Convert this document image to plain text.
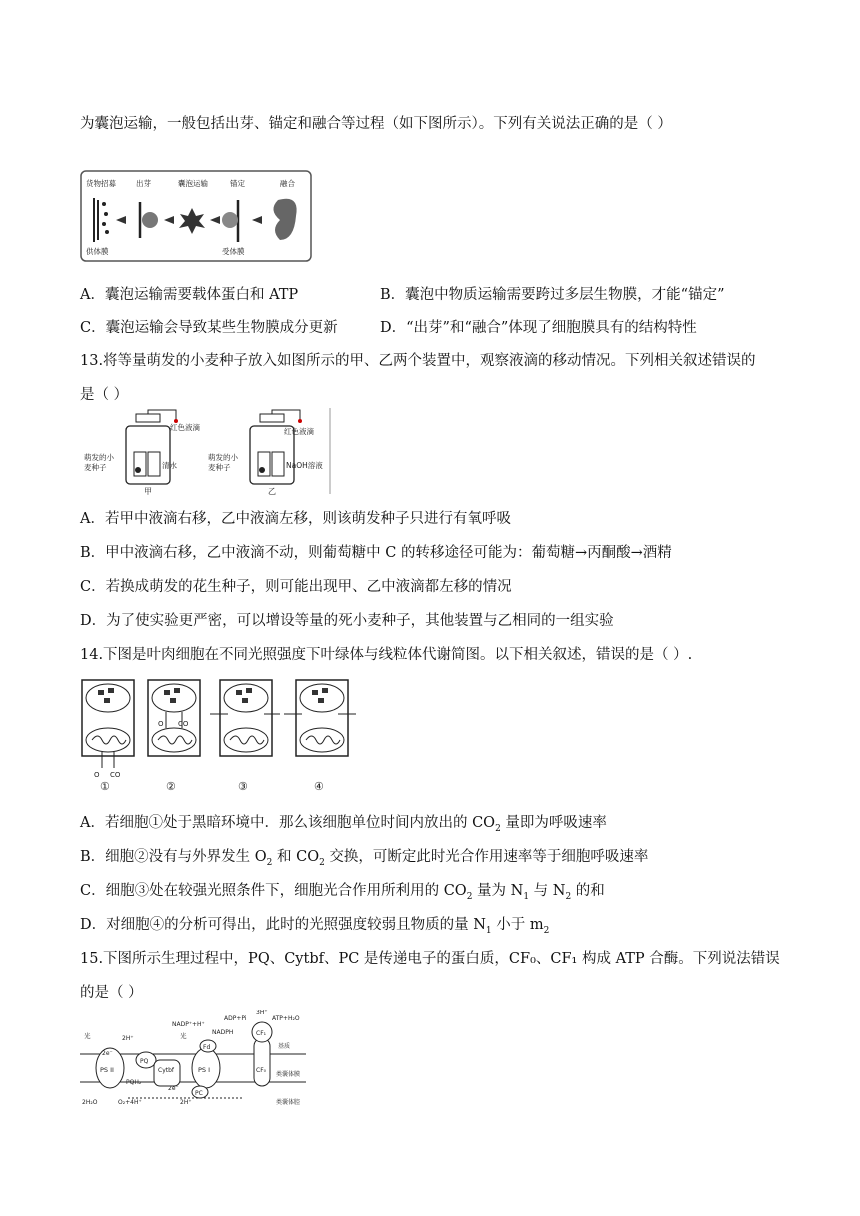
为囊泡运输，一般包括出芽、锚定和融合等过程（如下图所示）。下列有关说法正确的是（ ）
货物招募	出芽	囊泡运输	锚定	融合
供体膜	受体膜
A．囊泡运输需要载体蛋白和 ATP	B．囊泡中物质运输需要跨过多层生物膜，才能“锚定”
C．囊泡运输会导致某些生物膜成分更新	D．“出芽”和“融合”体现了细胞膜具有的结构特性
13.将等量萌发的小麦种子放入如图所示的甲、乙两个装置中，观察液滴的移动情况。下列相关叙述错误的
是（ ）
红色液滴	红色液滴
萌发的小
麦种子
萌发的小
麦种子
清水	NaOH溶液
甲	乙
A．若甲中液滴右移，乙中液滴左移，则该萌发种子只进行有氧呼吸
B．甲中液滴右移，乙中液滴不动，则葡萄糖中 C 的转移途径可能为：葡萄糖→丙酮酸→酒精
C．若换成萌发的花生种子，则可能出现甲、乙中液滴都左移的情况
D．为了使实验更严密，可以增设等量的死小麦种子，其他装置与乙相同的一组实验
14.下图是叶肉细胞在不同光照强度下叶绿体与线粒体代谢简图。以下相关叙述，错误的是（ ）.
O CO
O CO
①	②	③	④
A．若细胞①处于黑暗环境中．那么该细胞单位时间内放出的 $CO_2$ 量即为呼吸速率
B．细胞②没有与外界发生 $O_2$ 和 $CO_2$ 交换，可断定此时光合作用速率等于细胞呼吸速率
C．细胞③处在较强光照条件下，细胞光合作用所利用的 $CO_2$ 量为 $N_1$ 与 $N_2$ 的和
D．对细胞④的分析可得出，此时的光照强度较弱且物质的量 $N_1$ 小于 $m_2$
15.下图所示生理过程中，PQ、Cytbf、PC 是传递电子的蛋白质，CF₀、CF₁ 构成 ATP 合酶。下列说法错误
的是（ ）
光	光
PS II	PS I
PQ
PQH₂
Cytbf
PC
Fd
CF₁
CF₀
NADP⁺+H⁺
NADPH
ADP+Pi	ATP+H₂O
3H⁺
2H⁺
2H⁺
2e⁻
2e⁻
2H₂O	O₂+4H⁺
基质
类囊体膜
类囊体腔
